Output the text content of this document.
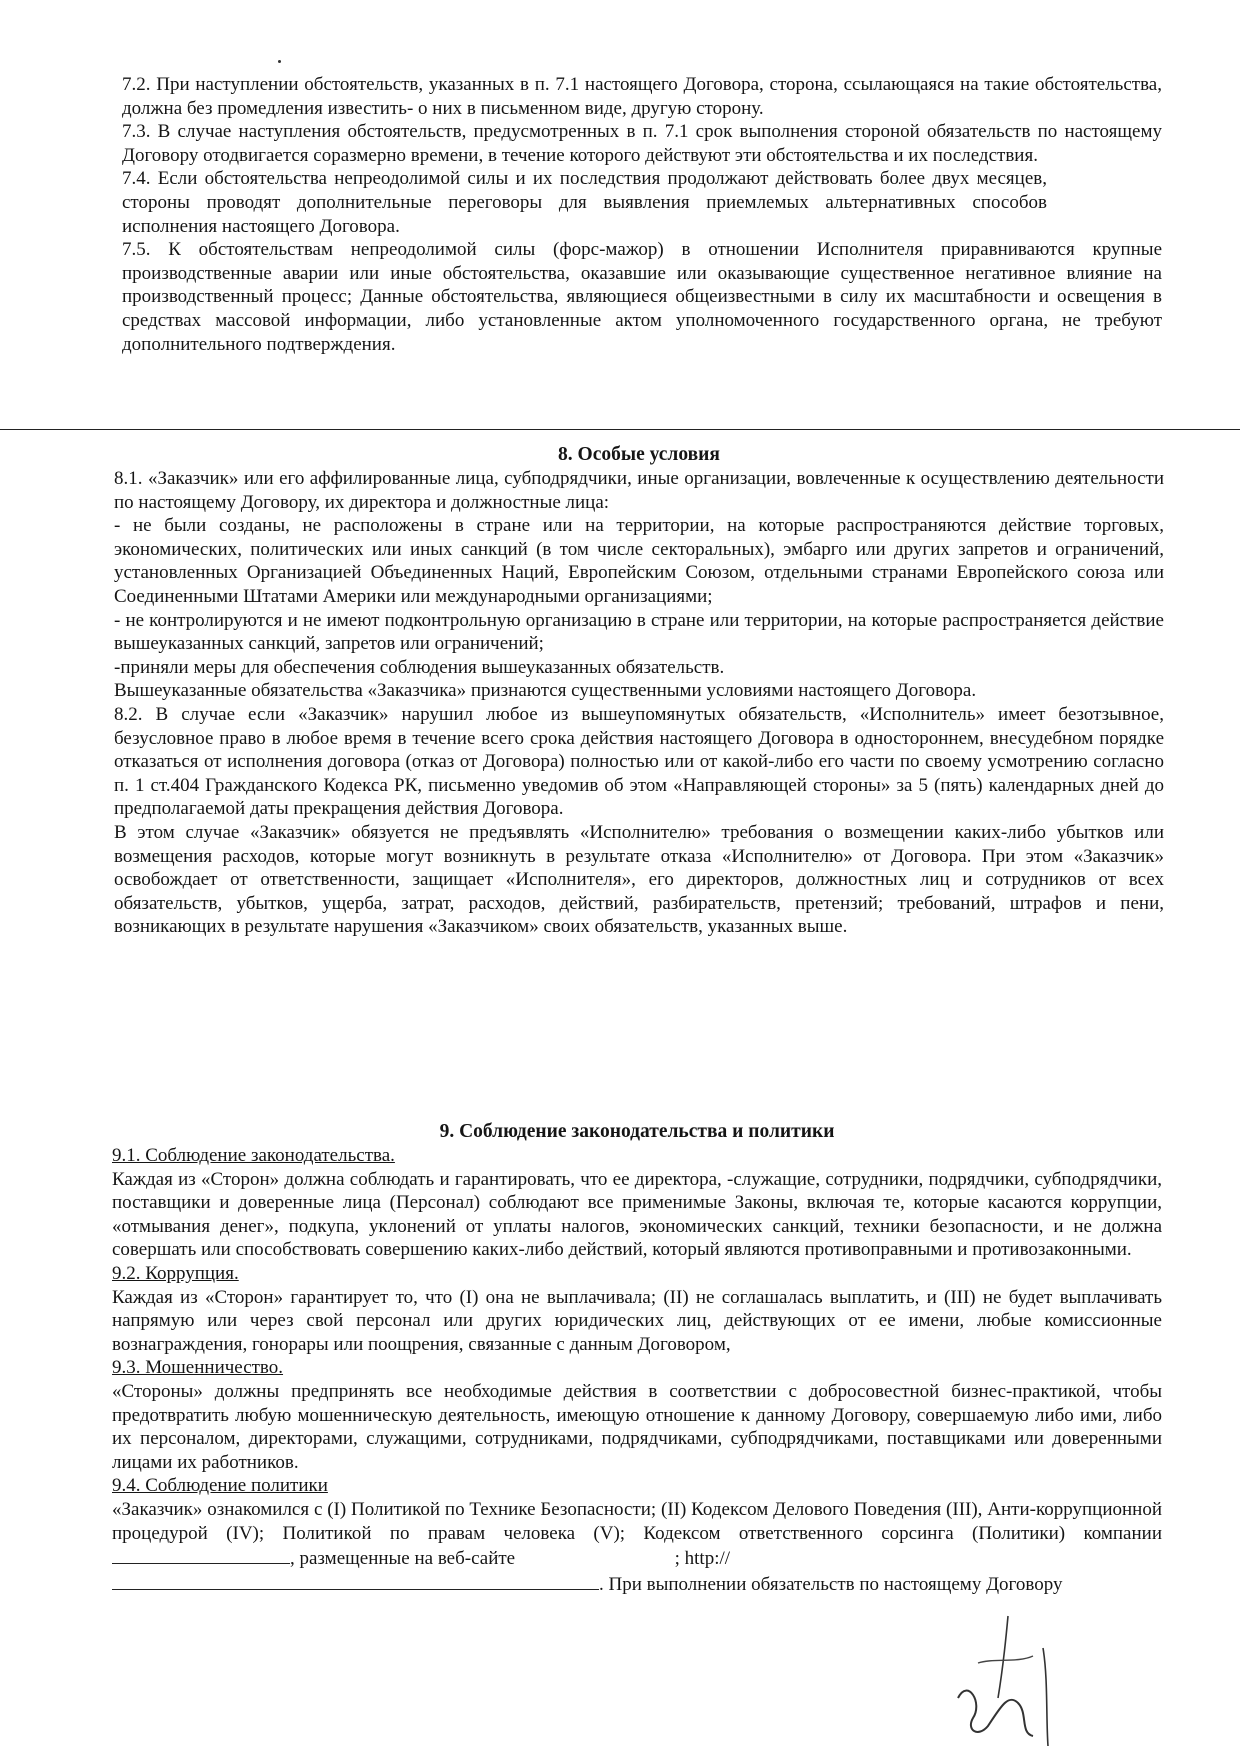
7.2. При наступлении обстоятельств, указанных в п. 7.1 настоящего Договора, сторона, ссылающаяся на такие обстоятельства, должна без промедления известить- о них в письменном виде, другую сторону.

7.3. В случае наступления обстоятельств, предусмотренных в п. 7.1 срок выполнения стороной обязательств по настоящему Договору отодвигается соразмерно времени, в течение которого действуют эти обстоятельства и их последствия.

7.4. Если обстоятельства непреодолимой силы и их последствия продолжают действовать более двух месяцев, стороны проводят дополнительные переговоры для выявления приемлемых альтернативных способов исполнения настоящего Договора.

7.5. К обстоятельствам непреодолимой силы (форс-мажор) в отношении Исполнителя приравниваются крупные производственные аварии или иные обстоятельства, оказавшие или оказывающие существенное негативное влияние на производственный процесс; Данные обстоятельства, являющиеся общеизвестными в силу их масштабности и освещения в средствах массовой информации, либо установленные актом уполномоченного государственного органа, не требуют дополнительного подтверждения.

8. Особые условия

8.1. «Заказчик» или его аффилированные лица, субподрядчики, иные организации, вовлеченные к осуществлению деятельности по настоящему Договору, их директора и должностные лица:

- не были созданы, не расположены в стране или на территории, на которые распространяются действие торговых, экономических, политических или иных санкций (в том числе секторальных), эмбарго или других запретов и ограничений, установленных Организацией Объединенных Наций, Европейским Союзом, отдельными странами Европейского союза или Соединенными Штатами Америки или международными организациями;

- не контролируются и не имеют подконтрольную организацию в стране или территории, на которые распространяется действие вышеуказанных санкций, запретов или ограничений;

-приняли меры для обеспечения соблюдения вышеуказанных обязательств.

Вышеуказанные обязательства «Заказчика» признаются существенными условиями настоящего Договора.

8.2. В случае если «Заказчик» нарушил любое из вышеупомянутых обязательств, «Исполнитель» имеет безотзывное, безусловное право в любое время в течение всего срока действия настоящего Договора в одностороннем, внесудебном порядке отказаться от исполнения договора (отказ от Договора) полностью или от какой-либо его части по своему усмотрению согласно п. 1 ст.404 Гражданского Кодекса РК, письменно уведомив об этом «Направляющей стороны» за 5 (пять) календарных дней до предполагаемой даты прекращения действия Договора.

В этом случае «Заказчик» обязуется не предъявлять «Исполнителю» требования о возмещении каких-либо убытков или возмещения расходов, которые могут возникнуть в результате отказа «Исполнителю» от Договора. При этом «Заказчик» освобождает от ответственности, защищает «Исполнителя», его директоров, должностных лиц и сотрудников от всех обязательств, убытков, ущерба, затрат, расходов, действий, разбирательств, претензий; требований, штрафов и пени, возникающих в результате нарушения «Заказчиком» своих обязательств, указанных выше.

9. Соблюдение законодательства и политики

9.1. Соблюдение законодательства.

Каждая из «Сторон» должна соблюдать и гарантировать, что ее директора, -служащие, сотрудники, подрядчики, субподрядчики, поставщики и доверенные лица (Персонал) соблюдают все применимые Законы, включая те, которые касаются коррупции, «отмывания денег», подкупа, уклонений от уплаты налогов, экономических санкций, техники безопасности, и не должна совершать или способствовать совершению каких-либо действий, который являются противоправными и противозаконными.

9.2. Коррупция.

Каждая из «Сторон» гарантирует то, что (I) она не выплачивала; (II) не соглашалась выплатить, и (III) не будет выплачивать напрямую или через свой персонал или других юридических лиц, действующих от ее имени, любые комиссионные вознаграждения, гонорары или поощрения, связанные с данным Договором,

9.3. Мошенничество.

«Стороны» должны предпринять все необходимые действия в соответствии с добросовестной бизнес-практикой, чтобы предотвратить любую мошенническую деятельность, имеющую отношение к данному Договору, совершаемую либо ими, либо их персоналом, директорами, служащими, сотрудниками, подрядчиками, субподрядчиками, поставщиками или доверенными лицами их работников.

9.4. Соблюдение политики

«Заказчик» ознакомился с (I) Политикой по Технике Безопасности; (II) Кодексом Делового Поведения (III), Анти-коррупционной процедурой (IV); Политикой по правам человека (V); Кодексом ответственного сорсинга (Политики) компании , размещенные на веб-сайте	; http://
. При выполнении обязательств по настоящему Договору
